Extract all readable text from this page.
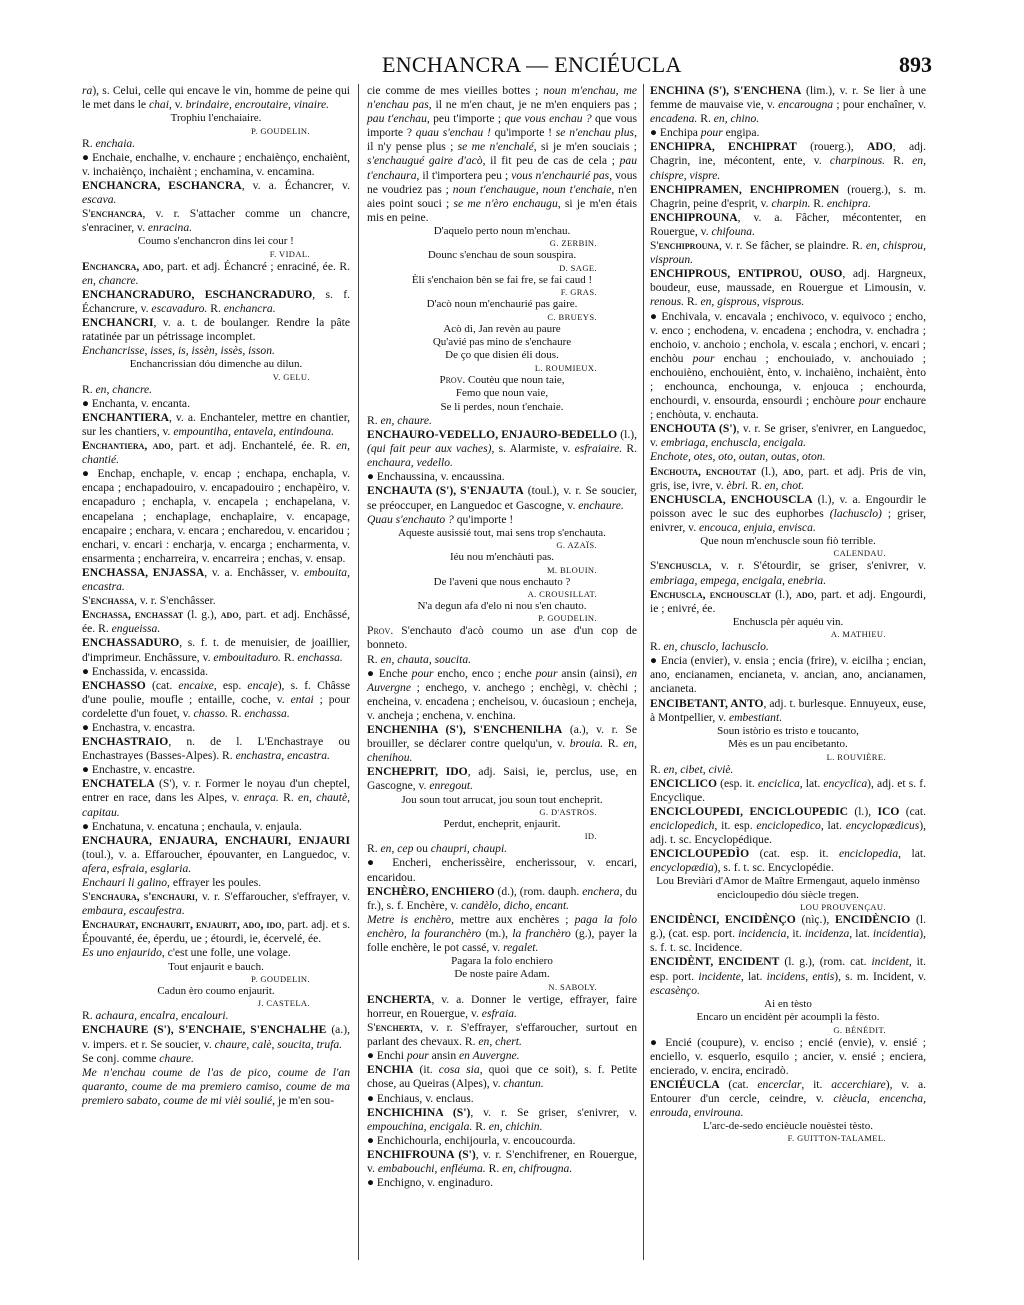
ENCHANCRA — ENCIÉUCLA	893

ra), s. Celui, celle qui encave le vin, homme de peine qui le met dans le chai, v. brindaire, encroutaire, vinaire.

Trophiu l'enchaiaire.

P. GOUDELIN.

R. enchaia.

● Enchaie, enchalhe, v. enchaure ; enchaiènço, enchaiènt, v. inchaiènço, inchaiènt ; enchamina, v. encamina.

ENCHANCRA, ESCHANCRA, v. a. Échancrer, v. escava.

S'enchancra, v. r. S'attacher comme un chancre, s'enraciner, v. enracina.

Coumo s'enchancron dins lei cour !

F. VIDAL.

Enchancra, ado, part. et adj. Échancré ; enraciné, ée. R. en, chancre.

ENCHANCRADURO, ESCHANCRADURO, s. f. Échancrure, v. escavaduro. R. enchancra.

ENCHANCRI, v. a. t. de boulanger. Rendre la pâte ratatinée par un pétrissage incomplet.

Enchancrisse, isses, is, issèn, issès, isson.

Enchancrissian dóu dimenche au dilun.

V. GELU.

R. en, chancre.

● Enchanta, v. encanta.

ENCHANTIERA, v. a. Enchanteler, mettre en chantier, sur les chantiers, v. empountiha, entavela, entindouna.

Enchantiera, ado, part. et adj. Enchantelé, ée. R. en, chantié.

● Enchap, enchaple, v. encap ; enchapa, enchapla, v. encapa ; enchapadouiro, v. encapadouiro ; enchapèiro, v. encapaduro ; enchapla, v. encapela ; enchapelana, v. encapelana ; enchaplage, enchaplaire, v. encapage, encapaire ; enchara, v. encara ; encharedou, v. encaridou ; enchari, v. encari : encharja, v. encarga ; encharmenta, v. ensarmenta ; encharreira, v. encarreira ; enchas, v. ensap.

ENCHASSA, ENJASSA, v. a. Enchâsser, v. embouita, encastra.

S'enchassa, v. r. S'enchâsser.

Enchassa, enchassat (l. g.), ado, part. et adj. Enchâssé, ée. R. engueissa.

ENCHASSADURO, s. f. t. de menuisier, de joaillier, d'imprimeur. Enchâssure, v. embouitaduro. R. enchassa.

● Enchassida, v. encassida.

ENCHASSO (cat. encaixe, esp. encaje), s. f. Châsse d'une poulie, moufle ; entaille, coche, v. entai ; pour cordelette d'un fouet, v. chasso. R. enchassa.

● Enchastra, v. encastra.

ENCHASTRAIO, n. de l. L'Enchastraye ou Enchastrayes (Basses-Alpes). R. enchastra, encastra.

● Enchastre, v. encastre.

ENCHATELA (S'), v. r. Former le noyau d'un cheptel, entrer en race, dans les Alpes, v. enraça. R. en, chautè, capitau.

● Enchatuna, v. encatuna ; enchaula, v. enjaula.

ENCHAURA, ENJAURA, ENCHAURI, ENJAURI (toul.), v. a. Effaroucher, épouvanter, en Languedoc, v. afera, esfraia, esglaria.

Enchauri li galino, effrayer les poules.

S'enchaura, s'enchauri, v. r. S'effaroucher, s'effrayer, v. embaura, escaufestra.

Enchaurat, enchaurit, enjaurit, ado, ido, part. adj. et s. Épouvanté, ée, éperdu, ue ; étourdi, ie, écervelé, ée.

Es uno enjaurido, c'est une folle, une volage.

Tout enjaurit e bauch.

P. GOUDELIN.

Cadun èro coumo enjaurit.

J. CASTELA.

R. achaura, encalra, encalouri.

ENCHAURE (S'), S'ENCHAIE, S'ENCHALHE (a.), v. impers. et r. Se soucier, v. chaure, calè, soucita, trufa.

Se conj. comme chaure.

Me n'enchau coume de l'as de pico, coume de l'an quaranto, coume de ma premiero camiso, coume de ma premiero sabato, coume de mi vièi soulié, je m'en sou-

cie comme de mes vieilles bottes ; noun m'enchau, me n'enchau pas, il ne m'en chaut, je ne m'en enquiers pas ; pau t'enchau, peu t'importe ; que vous enchau ? que vous importe ? quau s'enchau ! qu'importe ! se n'enchau plus, il n'y pense plus ; se me n'enchalé, si je m'en souciais ; s'enchaugué gaire d'acò, il fit peu de cas de cela ; pau t'enchaura, il t'importera peu ; vous n'enchaurié pas, vous ne voudriez pas ; noun t'enchaugue, noun t'enchaie, n'en aies point souci ; se me n'èro enchaugu, si je m'en étais mis en peine.

D'aquelo perto noun m'enchau.

G. ZERBIN.

Dounc s'enchau de soun souspira.

D. SAGE.

Èli s'enchaion bèn se fai fre, se fai caud !

F. GRAS.

D'acò noun m'enchaurié pas gaire.

C. BRUEYS.

Acò di, Jan revèn au paure
Qu'avié pas mino de s'enchaure
De ço que disien éli dous.

L. ROUMIEUX.

Prov. Coutèu que noun taie,
Femo que noun vaie,
Se li perdes, noun t'enchaie.

R. en, chaure.

ENCHAURO-VEDELLO, ENJAURO-BEDELLO (l.), (qui fait peur aux vaches), s. Alarmiste, v. esfraiaire. R. enchaura, vedello.

● Enchaussina, v. encaussina.

ENCHAUTA (S'), S'ENJAUTA (toul.), v. r. Se soucier, se préoccuper, en Languedoc et Gascogne, v. enchaure.

Quau s'enchauto ? qu'importe !

Aqueste ausissié tout, mai sens trop s'enchauta.

G. AZAÏS.

Iéu nou m'enchàuti pas.

M. BLOUIN.

De l'aveni que nous enchauto ?

A. CROUSILLAT.

N'a degun afa d'elo ni nou s'en chauto.

P. GOUDELIN.

Prov. S'enchauto d'acò coumo un ase d'un cop de bonneto.

R. en, chauta, soucita.

● Enche pour encho, enco ; enche pour ansin (ainsi), en Auvergne ; enchego, v. anchego ; enchègi, v. chèchi ; encheina, v. encadena ; encheisou, v. óucasioun ; encheja, v. ancheja ; enchena, v. enchina.

ENCHENIHA (S'), S'ENCHENILHA (a.), v. r. Se brouiller, se déclarer contre quelqu'un, v. brouia. R. en, chenihou.

ENCHEPRIT, IDO, adj. Saisi, ie, perclus, use, en Gascogne, v. enregout.

Jou soun tout arrucat, jou soun tout encheprit.

G. D'ASTROS.

Perdut, encheprit, enjaurit.

ID.

R. en, cep ou chaupri, chaupi.

● Encheri, encherissèire, encherissour, v. encari, encaridou.

ENCHÈRO, ENCHIERO (d.), (rom. dauph. enchera, du fr.), s. f. Enchère, v. candèlo, dicho, encant.

Metre is enchèro, mettre aux enchères ; paga la folo enchèro, la fouranchèro (m.), la franchèro (g.), payer la folle enchère, le pot cassé, v. regalet.

Pagara la folo enchiero
De noste paire Adam.

N. SABOLY.

ENCHERTA, v. a. Donner le vertige, effrayer, faire horreur, en Rouergue, v. esfraia.

S'encherta, v. r. S'effrayer, s'effaroucher, surtout en parlant des chevaux. R. en, chert.

● Enchi pour ansin en Auvergne.

ENCHIA (it. cosa sia, quoi que ce soit), s. f. Petite chose, au Queiras (Alpes), v. chantun.

● Enchiaus, v. enclaus.

ENCHICHINA (S'), v. r. Se griser, s'enivrer, v. empouchina, encigala. R. en, chichin.

● Enchichourla, enchijourla, v. encoucourda.

ENCHIFROUNA (S'), v. r. S'enchifrener, en Rouergue, v. embabouchi, enfléuma. R. en, chifrougna.

● Enchigno, v. enginaduro.

ENCHINA (S'), S'ENCHENA (lim.), v. r. Se lier à une femme de mauvaise vie, v. encarougna ; pour enchaîner, v. encadena. R. en, chino.

● Enchipa pour engipa.

ENCHIPRA, ENCHIPRAT (rouerg.), ADO, adj. Chagrin, ine, mécontent, ente, v. charpinous. R. en, chispre, vispre.

ENCHIPRAMEN, ENCHIPROMEN (rouerg.), s. m. Chagrin, peine d'esprit, v. charpin. R. enchipra.

ENCHIPROUNA, v. a. Fâcher, mécontenter, en Rouergue, v. chifouna.

S'enchiprouna, v. r. Se fâcher, se plaindre. R. en, chisprou, visproun.

ENCHIPROUS, ENTIPROU, OUSO, adj. Hargneux, boudeur, euse, maussade, en Rouergue et Limousin, v. renous. R. en, gisprous, visprous.

● Enchivala, v. encavala ; enchivoco, v. equivoco ; encho, v. enco ; enchodena, v. encadena ; enchodra, v. enchadra ; enchoio, v. anchoio ; enchola, v. escala ; enchori, v. encari ; enchòu pour enchau ; enchouiado, v. anchouiado ; enchouièno, enchouiènt, ènto, v. inchaièno, inchaiènt, ènto ; enchounca, enchounga, v. enjouca ; enchourda, enchourdi, v. ensourda, ensourdi ; enchòure pour enchaure ; enchòuta, v. enchauta.

ENCHOUTA (S'), v. r. Se griser, s'enivrer, en Languedoc, v. embriaga, enchuscla, encigala.

Enchote, otes, oto, outan, outas, oton.

Enchouta, enchoutat (l.), ado, part. et adj. Pris de vin, gris, ise, ivre, v. èbri. R. en, chot.

ENCHUSCLA, ENCHOUSCLA (l.), v. a. Engourdir le poisson avec le suc des euphorbes (lachusclo) ; griser, enivrer, v. encouca, enjuia, envisca.

Que noun m'enchuscle soun fiò terrible.

CALENDAU.

S'enchuscla, v. r. S'étourdir, se griser, s'enivrer, v. embriaga, empega, encigala, enebria.

Enchuscla, enchousclat (l.), ado, part. et adj. Engourdi, ie ; enivré, ée.

Enchuscla pèr aquéu vin.

A. MATHIEU.

R. en, chusclo, lachusclo.

● Encia (envier), v. ensia ; encia (frire), v. eicilha ; encian, ano, encianamen, encianeta, v. ancian, ano, ancianamen, ancianeta.

ENCIBETANT, ANTO, adj. t. burlesque. Ennuyeux, euse, à Montpellier, v. embestiant.

Soun istòrio es tristo e toucanto,
Mès es un pau encibetanto.

L. ROUVIÈRE.

R. en, cibet, civiè.

ENCICLICO (esp. it. enciclica, lat. encyclica), adj. et s. f. Encyclique.

ENCICLOUPEDI, ENCICLOUPEDIC (l.), ICO (cat. enciclopedich, it. esp. enciclopedico, lat. encyclopædicus), adj. t. sc. Encyclopédique.

ENCICLOUPEDÌO (cat. esp. it. enciclopedia, lat. encyclopædia), s. f. t. sc. Encyclopédie.

Lou Breviàri d'Amor de Maître Ermengaut, aquelo inmènso encicloupedìo dóu siècle tregen.

LOU PROUVENÇAU.

ENCIDÈNCI, ENCIDÈNÇO (nìç.), ENCIDÈNCIO (l. g.), (cat. esp. port. incidencia, it. incidenza, lat. incidentia), s. f. t. sc. Incidence.

ENCIDÈNT, ENCIDENT (l. g.), (rom. cat. incident, it. esp. port. incidente, lat. incidens, entis), s. m. Incident, v. escasènço.

Ai en tèsto
Encaro un encidènt pèr acoumpli la fèsto.

G. BÉNÉDIT.

● Encié (coupure), v. enciso ; encié (envie), v. ensié ; enciello, v. esquerlo, esquilo ; ancier, v. ensié ; enciera, encierado, v. encira, enciradò.

ENCIÉUCLA (cat. encerclar, it. accerchiare), v. a. Entourer d'un cercle, ceindre, v. cièucla, encencha, enrouda, envirouna.

L'arc-de-sedo encièucle nouèstei tèsto.

F. GUITTON-TALAMEL.
